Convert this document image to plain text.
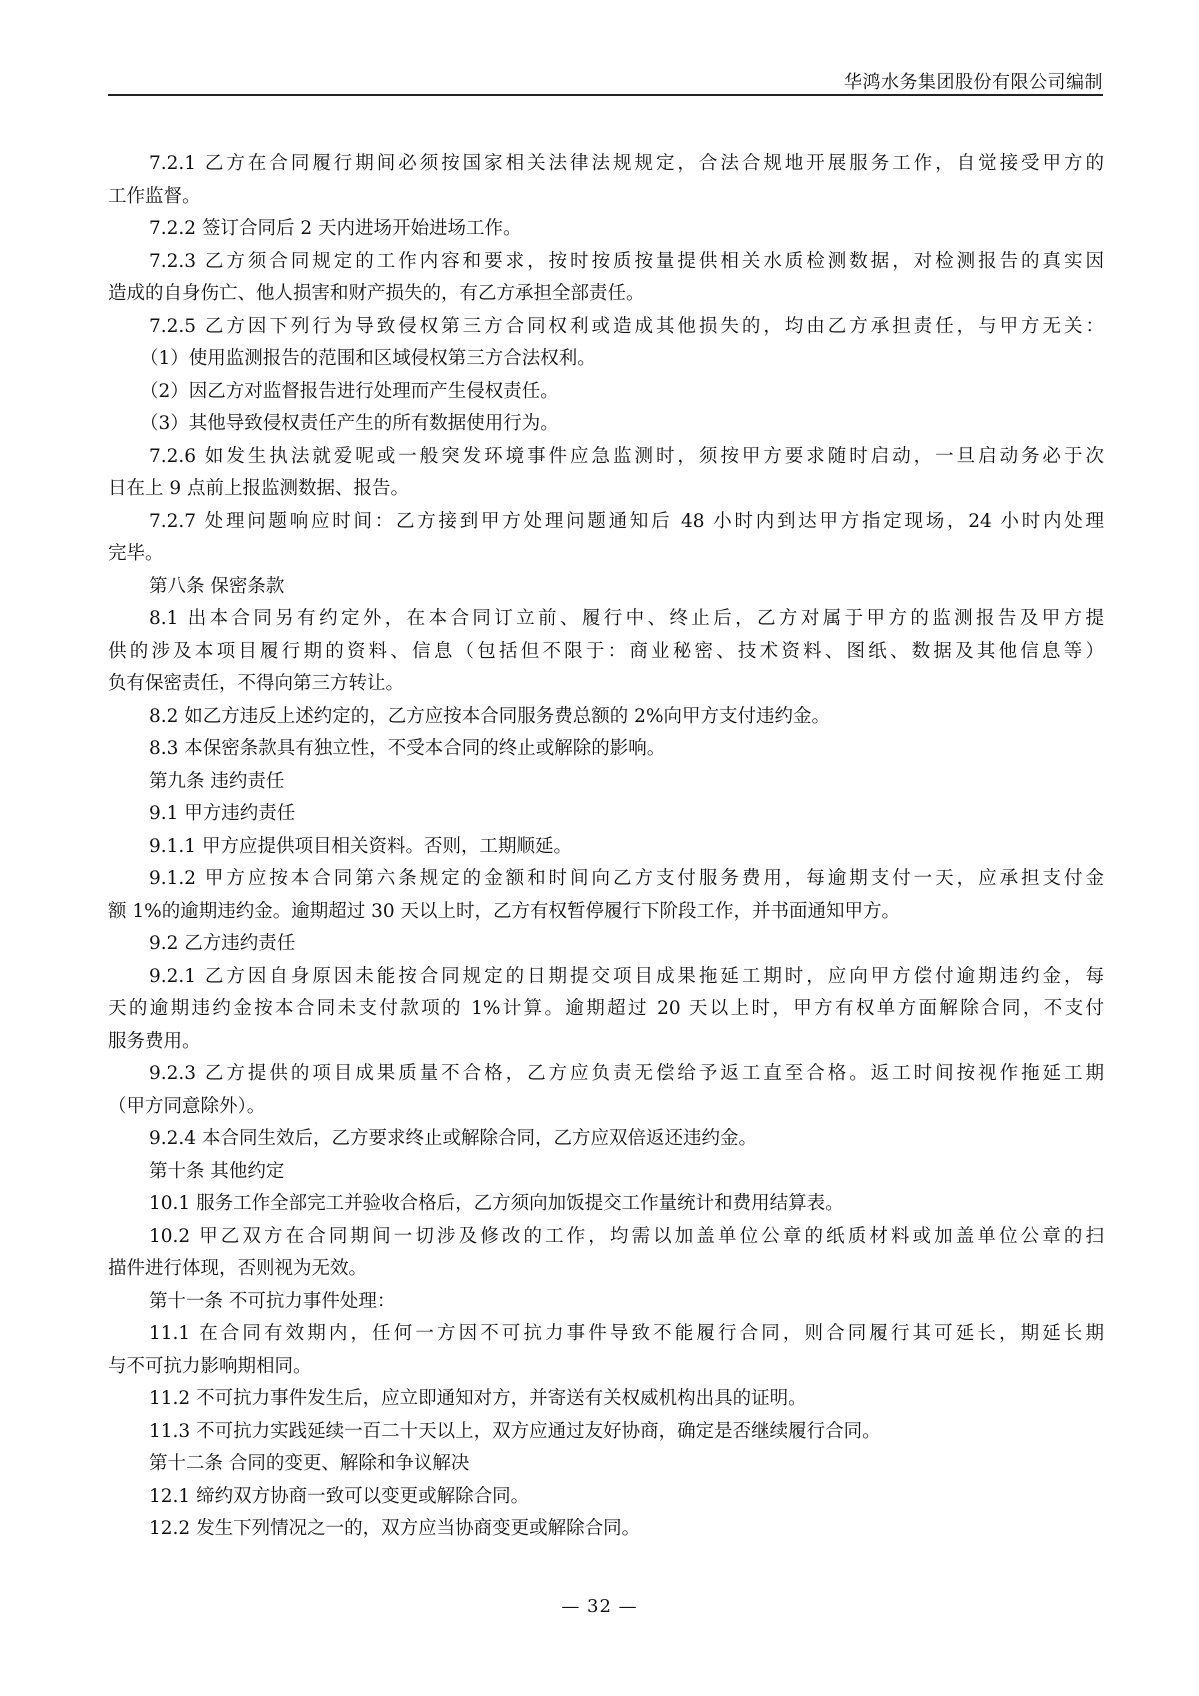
华鸿水务集团股份有限公司编制
7.2.1 乙方在合同履行期间必须按国家相关法律法规规定，合法合规地开展服务工作，自觉接受甲方的
工作监督。
7.2.2 签订合同后 2 天内进场开始进场工作。
7.2.3 乙方须合同规定的工作内容和要求，按时按质按量提供相关水质检测数据，对检测报告的真实因
造成的自身伤亡、他人损害和财产损失的，有乙方承担全部责任。
7.2.5 乙方因下列行为导致侵权第三方合同权利或造成其他损失的，均由乙方承担责任，与甲方无关：
（1）使用监测报告的范围和区域侵权第三方合法权利。
（2）因乙方对监督报告进行处理而产生侵权责任。
（3）其他导致侵权责任产生的所有数据使用行为。
7.2.6 如发生执法就爱呢或一般突发环境事件应急监测时，须按甲方要求随时启动，一旦启动务必于次
日在上 9 点前上报监测数据、报告。
7.2.7 处理问题响应时间：乙方接到甲方处理问题通知后 48 小时内到达甲方指定现场，24 小时内处理
完毕。
第八条 保密条款
8.1 出本合同另有约定外，在本合同订立前、履行中、终止后，乙方对属于甲方的监测报告及甲方提
供的涉及本项目履行期的资料、信息（包括但不限于：商业秘密、技术资料、图纸、数据及其他信息等）
负有保密责任，不得向第三方转让。
8.2 如乙方违反上述约定的，乙方应按本合同服务费总额的 2%向甲方支付违约金。
8.3 本保密条款具有独立性，不受本合同的终止或解除的影响。
第九条 违约责任
9.1 甲方违约责任
9.1.1 甲方应提供项目相关资料。否则，工期顺延。
9.1.2 甲方应按本合同第六条规定的金额和时间向乙方支付服务费用，每逾期支付一天，应承担支付金
额 1%的逾期违约金。逾期超过 30 天以上时，乙方有权暂停履行下阶段工作，并书面通知甲方。
9.2 乙方违约责任
9.2.1 乙方因自身原因未能按合同规定的日期提交项目成果拖延工期时，应向甲方偿付逾期违约金，每
天的逾期违约金按本合同未支付款项的 1%计算。逾期超过 20 天以上时，甲方有权单方面解除合同，不支付
服务费用。
9.2.3 乙方提供的项目成果质量不合格，乙方应负责无偿给予返工直至合格。返工时间按视作拖延工期
（甲方同意除外）。
9.2.4 本合同生效后，乙方要求终止或解除合同，乙方应双倍返还违约金。
第十条 其他约定
10.1 服务工作全部完工并验收合格后，乙方须向加饭提交工作量统计和费用结算表。
10.2 甲乙双方在合同期间一切涉及修改的工作，均需以加盖单位公章的纸质材料或加盖单位公章的扫
描件进行体现，否则视为无效。
第十一条 不可抗力事件处理：
11.1 在合同有效期内，任何一方因不可抗力事件导致不能履行合同，则合同履行其可延长，期延长期
与不可抗力影响期相同。
11.2 不可抗力事件发生后，应立即通知对方，并寄送有关权威机构出具的证明。
11.3 不可抗力实践延续一百二十天以上，双方应通过友好协商，确定是否继续履行合同。
第十二条 合同的变更、解除和争议解决
12.1 缔约双方协商一致可以变更或解除合同。
12.2 发生下列情况之一的，双方应当协商变更或解除合同。
— 32 —
